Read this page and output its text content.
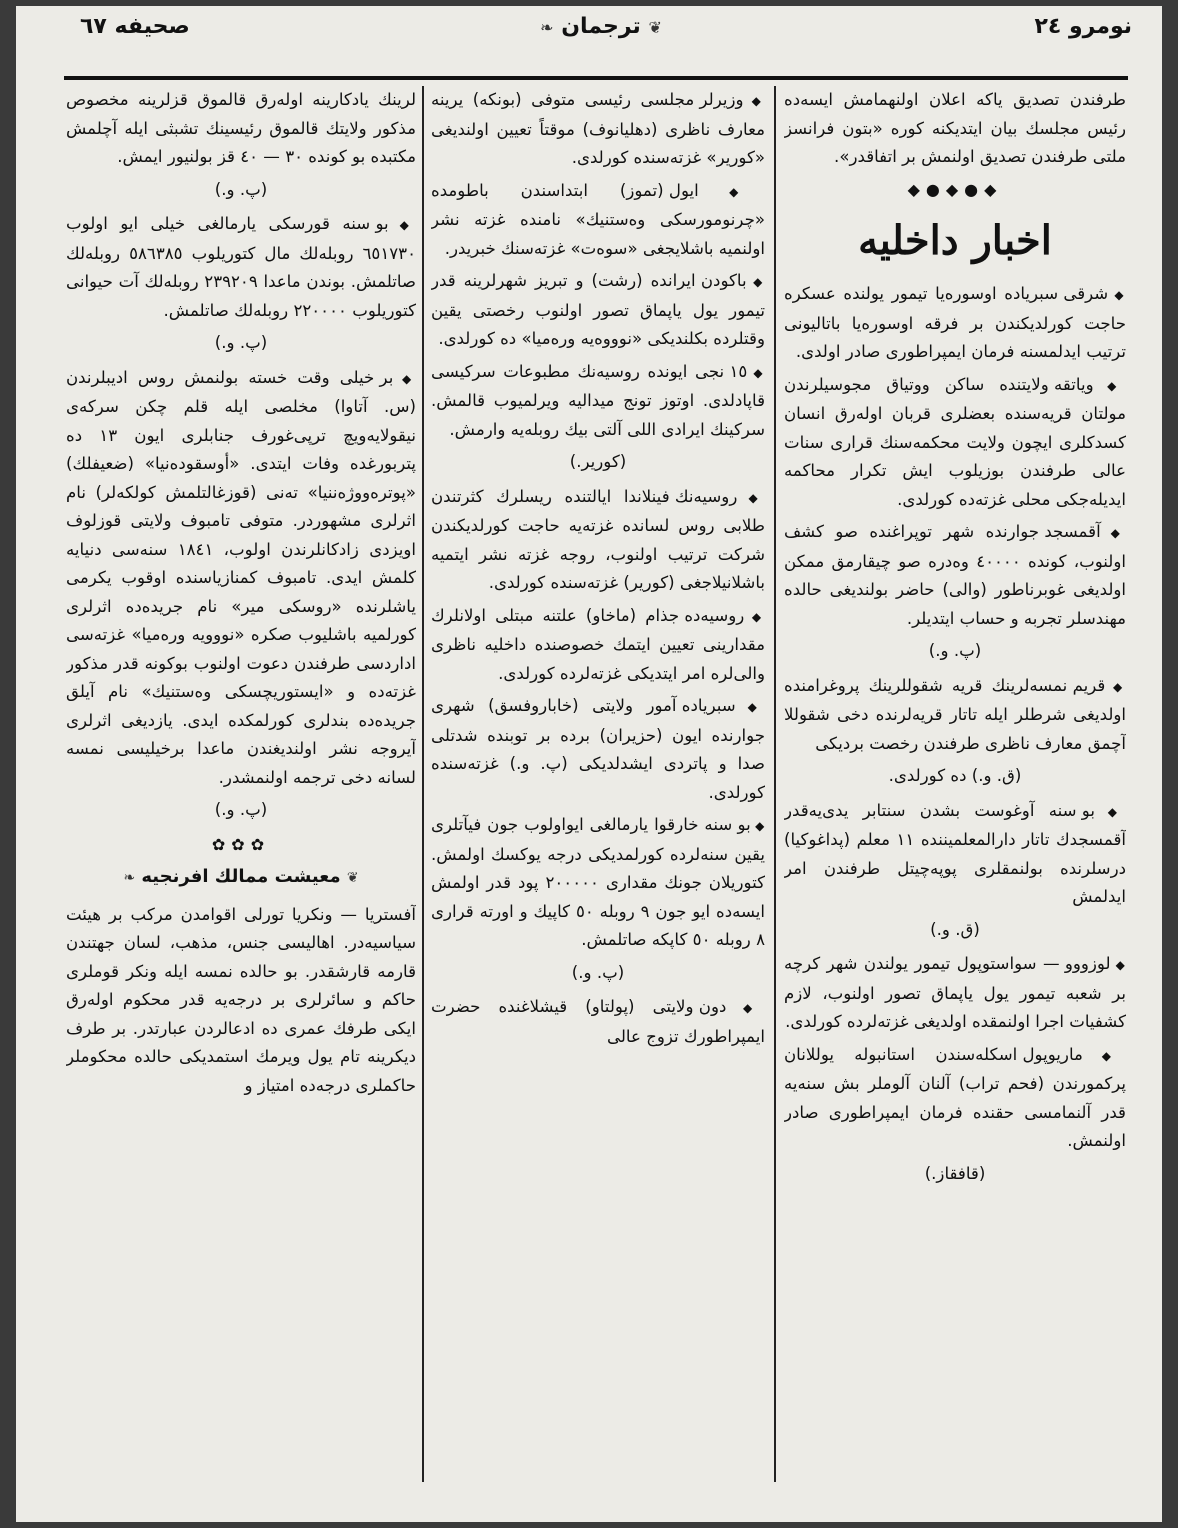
صحیفه ٦٧	❦ ترجمان ❧	نومرو ٢٤

طرفندن تصدیق یاکه اعلان اولنهمامش ایسه‌ده رئیس مجلسك بیان ایتدیکنه کوره «بتون فرانسز ملتی طرفندن تصدیق اولنمش بر اتفاقدر».

◆●◆●◆
اخبار داخلیه

◆ شرقی سبریاده اوسوره‌یا تیمور یولنده عسکره حاجت کورلدیکندن بر فرقه اوسوره‌یا باتالیونی ترتیب ایدلمسنه فرمان ایمپراطوری صادر اولدی.

◆ ویاتقه ولایتنده ساکن ووتیاق مجوسیلرندن مولتان قریه‌سنده بعضلری قربان اوله‌رق انسان کسدکلری ایچون ولایت محکمه‌سنك قراری سنات عالی طرفندن بوزیلوب ایش تکرار محاکمه ایدیله‌جکی محلی غزته‌ده کورلدی.

◆ آقمسجد جوارنده شهر توپراغنده صو کشف اولنوب، کونده ٤٠٠٠٠ وه‌دره صو چیقارمق ممکن اولدیغی غوبرناطور (والی) حاضر بولندیغی حالده مهندسلر تجربه و حساب ایتدیلر.

(پ. و.)

◆ قریم نمسه‌لرینك قریه شقوللرینك پروغرامنده اولدیغی شرطلر ایله تاتار قریه‌لرنده دخی شقوللا آچمق معارف ناظری طرفندن رخصت بردیکی

(ق. و.) ده کورلدی.

◆ بو سنه آوغوست بشدن سنتابر یدی‌یه‌قدر آقمسجدك تاتار دارالمعلمیننده ١١ معلم (پداغوکیا) درسلرنده بولنمقلری پوپه‌چیتل طرفندن امر ایدلمش

(ق. و.)

◆ لوزووو — سواستوپول تیمور یولندن شهر کرچه بر شعبه تیمور یول یاپماق تصور اولنوب، لازم کشفیات اجرا اولنمقده اولدیغی غزته‌لرده کورلدی.

◆ ماریوپول اسکله‌سندن استانبوله یوللانان پرکمورندن (فحم تراب) آلنان آلوملر بش سنه‌یه قدر آلنمامسی حقنده فرمان ایمپراطوری صادر اولنمش.

(قافقاز.)

◆ وزیرلر مجلسی رئیسی متوفی (بونکه) یرینه معارف ناظری (دهلیانوف) موقتاً تعیین اولندیغی «کوریر» غزته‌سنده کورلدی.

◆ ایول (تموز) ابتداسندن باطومده «چرنومورسکی وه‌ستنیك» نامنده غزته نشر اولنمیه باشلایجغی «سوه‌ت» غزته‌سنك خبریدر.

◆ باکودن ایرانده (رشت) و تبریز شهرلرینه قدر تیمور یول یاپماق تصور اولنوب رخصتی یقین وقتلرده بکلندیکی «نوووه‌یه وره‌میا» ده کورلدی.

◆ ١٥ نجی ایونده روسیه‌نك مطبوعات سرکیسی قاپادلدی. اوتوز تونج میدالیه ویرلمیوب قالمش. سرکینك ایرادی اللی آلتی بیك روبله‌یه وارمش.

(کوریر.)

◆ روسیه‌نك فینلاندا ایالتنده ریسلرك کثرتندن طلابی روس لسانده غزته‌یه حاجت کورلدیکندن شرکت ترتیب اولنوب، روجه غزته نشر ایتمیه باشلانیلاجغی (کوریر) غزته‌سنده کورلدی.

◆ روسیه‌ده جذام (ماخاو) علتنه مبتلی اولانلرك مقدارینی تعیین ایتمك خصوصنده داخلیه ناظری والی‌لره امر ایتدیکی غزته‌لرده کورلدی.

◆ سبریاده آمور ولایتی (خاباروفسق) شهری جوارنده ایون (حزیران) برده بر توبنده شدتلی صدا و پاتردی ایشدلدیکی (پ. و.) غزته‌سنده کورلدی.

◆ بو سنه خارقوا یارمالغی ایواولوب جون فیآتلری یقین سنه‌لرده کورلمدیکی درجه یوکسك اولمش. کتوریلان جونك مقداری ٢٠٠٠٠٠ پود قدر اولمش ایسه‌ده ایو جون ٩ روبله ٥٠ کاپیك و اورته قراری ٨ روبله ٥٠ کاپکه صاتلمش.

(پ. و.)

◆ دون ولایتی (پولتاو) قیشلاغنده حضرت ایمپراطورك تزوج عالی

لرینك یادکارینه اوله‌رق قالموق قزلرینه مخصوص مذکور ولایتك قالموق رئیسینك تشبثی ایله آچلمش مکتبده بو کونده ٣٠ — ٤٠ قز بولنیور ایمش.

(پ. و.)

◆ بو سنه قورسکی یارمالغی خیلی ایو اولوب ٦٥١٧٣٠ روبله‌لك مال کتوریلوب ٥٨٦٣٨٥ روبله‌لك صاتلمش. بوندن ماعدا ٢٣٩٢٠٩ روبله‌لك آت حیوانی کتوریلوب ٢٢٠٠٠٠ روبله‌لك صاتلمش.

(پ. و.)

◆ بر خیلی وقت خسته بولنمش روس ادیبلرندن (س. آتاوا) مخلصی ایله قلم چکن سرکه‌ی نیقولایه‌ویچ ترپی‌غورف جنابلری ایون ١٣ ده پتربورغده وفات ایتدی. «أوسقوده‌نیا» (ضعیفلك) «پوتره‌ووژه‌ننیا» ته‌نی (قوزغالتلمش کولکه‌لر) نام اثرلری مشهوردر. متوفی تامبوف ولایتی قوزلوف اویزدی زادکانلرندن اولوب، ١٨٤١ سنه‌سی دنیایه کلمش ایدی. تامبوف کمنازیاسنده اوقوب یکرمی یاشلرنده «روسکی میر» نام جریده‌ده اثرلری کورلمیه باشلیوب صکره «نووویه وره‌میا» غزته‌سی اداردسی طرفندن دعوت اولنوب بوکونه قدر مذکور غزته‌ده و «ایستوریچسکی وه‌ستنیك» نام آیلق جریده‌ده بندلری کورلمکده ایدی. یازدیغی اثرلری آیروجه نشر اولندیغندن ماعدا برخیلیسی نمسه لسانه دخی ترجمه اولنمشدر.

(پ. و.)
✿✿✿
❦ معیشت ممالك افرنجیه ❧

آفستریا — ونکریا تورلی اقوامدن مرکب بر هیئت سیاسیه‌در. اهالیسی جنس، مذهب، لسان جهتندن قارمه قارشقدر. بو حالده نمسه ایله ونکر قوملری حاکم و سائرلری بر درجه‌یه قدر محکوم اوله‌رق ایکی طرفك عمری ده ادعالردن عبارتدر. بر طرف دیکرینه تام یول ویرمك استمدیکی حالده محکوملر حاکملری درجه‌ده امتیاز و
